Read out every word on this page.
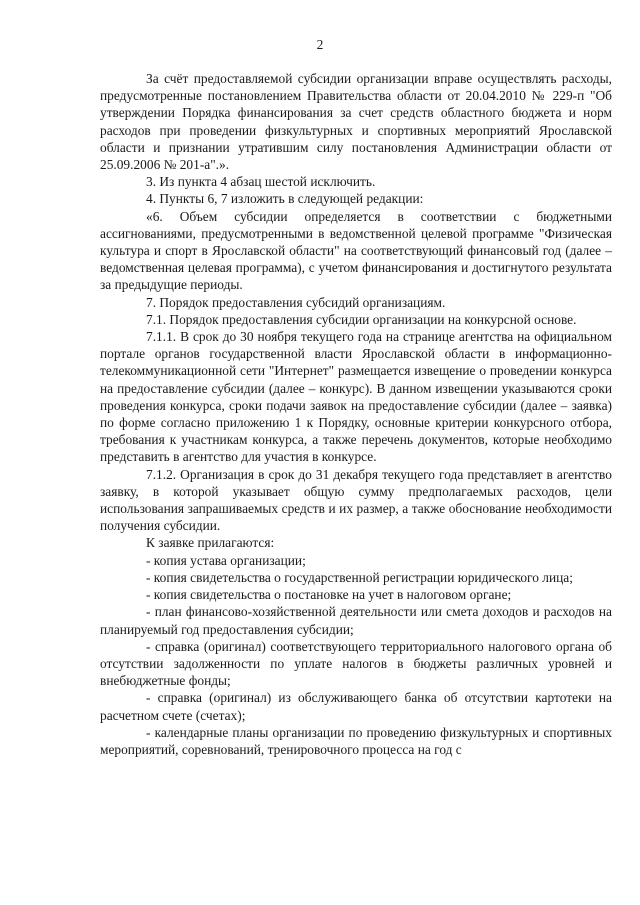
2

За счёт предоставляемой субсидии организации вправе осуществлять расходы, предусмотренные постановлением Правительства области от 20.04.2010 № 229-п "Об утверждении Порядка финансирования за счет средств областного бюджета и норм расходов при проведении физкультурных и спортивных мероприятий Ярославской области и признании утратившим силу постановления Администрации области от 25.09.2006 № 201-а".».

3. Из пункта 4 абзац шестой исключить.

4. Пункты 6, 7 изложить в следующей редакции:

«6. Объем субсидии определяется в соответствии с бюджетными ассигнованиями, предусмотренными в ведомственной целевой программе "Физическая культура и спорт в Ярославской области" на соответствующий финансовый год (далее – ведомственная целевая программа), с учетом финансирования и достигнутого результата за предыдущие периоды.

7. Порядок предоставления субсидий организациям.

7.1. Порядок предоставления субсидии организации на конкурсной основе.

7.1.1. В срок до 30 ноября текущего года на странице агентства на официальном портале органов государственной власти Ярославской области в информационно-телекоммуникационной сети "Интернет" размещается извещение о проведении конкурса на предоставление субсидии (далее – конкурс). В данном извещении указываются сроки проведения конкурса, сроки подачи заявок на предоставление субсидии (далее – заявка) по форме согласно приложению 1 к Порядку, основные критерии конкурсного отбора, требования к участникам конкурса, а также перечень документов, которые необходимо представить в агентство для участия в конкурсе.

7.1.2. Организация в срок до 31 декабря текущего года представляет в агентство заявку, в которой указывает общую сумму предполагаемых расходов, цели использования запрашиваемых средств и их размер, а также обоснование необходимости получения субсидии.

К заявке прилагаются:

- копия устава организации;

- копия свидетельства о государственной регистрации юридического лица;

- копия свидетельства о постановке на учет в налоговом органе;

- план финансово-хозяйственной деятельности или смета доходов и расходов на планируемый год предоставления субсидии;

- справка (оригинал) соответствующего территориального налогового органа об отсутствии задолженности по уплате налогов в бюджеты различных уровней и внебюджетные фонды;

- справка (оригинал) из обслуживающего банка об отсутствии картотеки на расчетном счете (счетах);

- календарные планы организации по проведению физкультурных и спортивных мероприятий, соревнований, тренировочного процесса на год с
